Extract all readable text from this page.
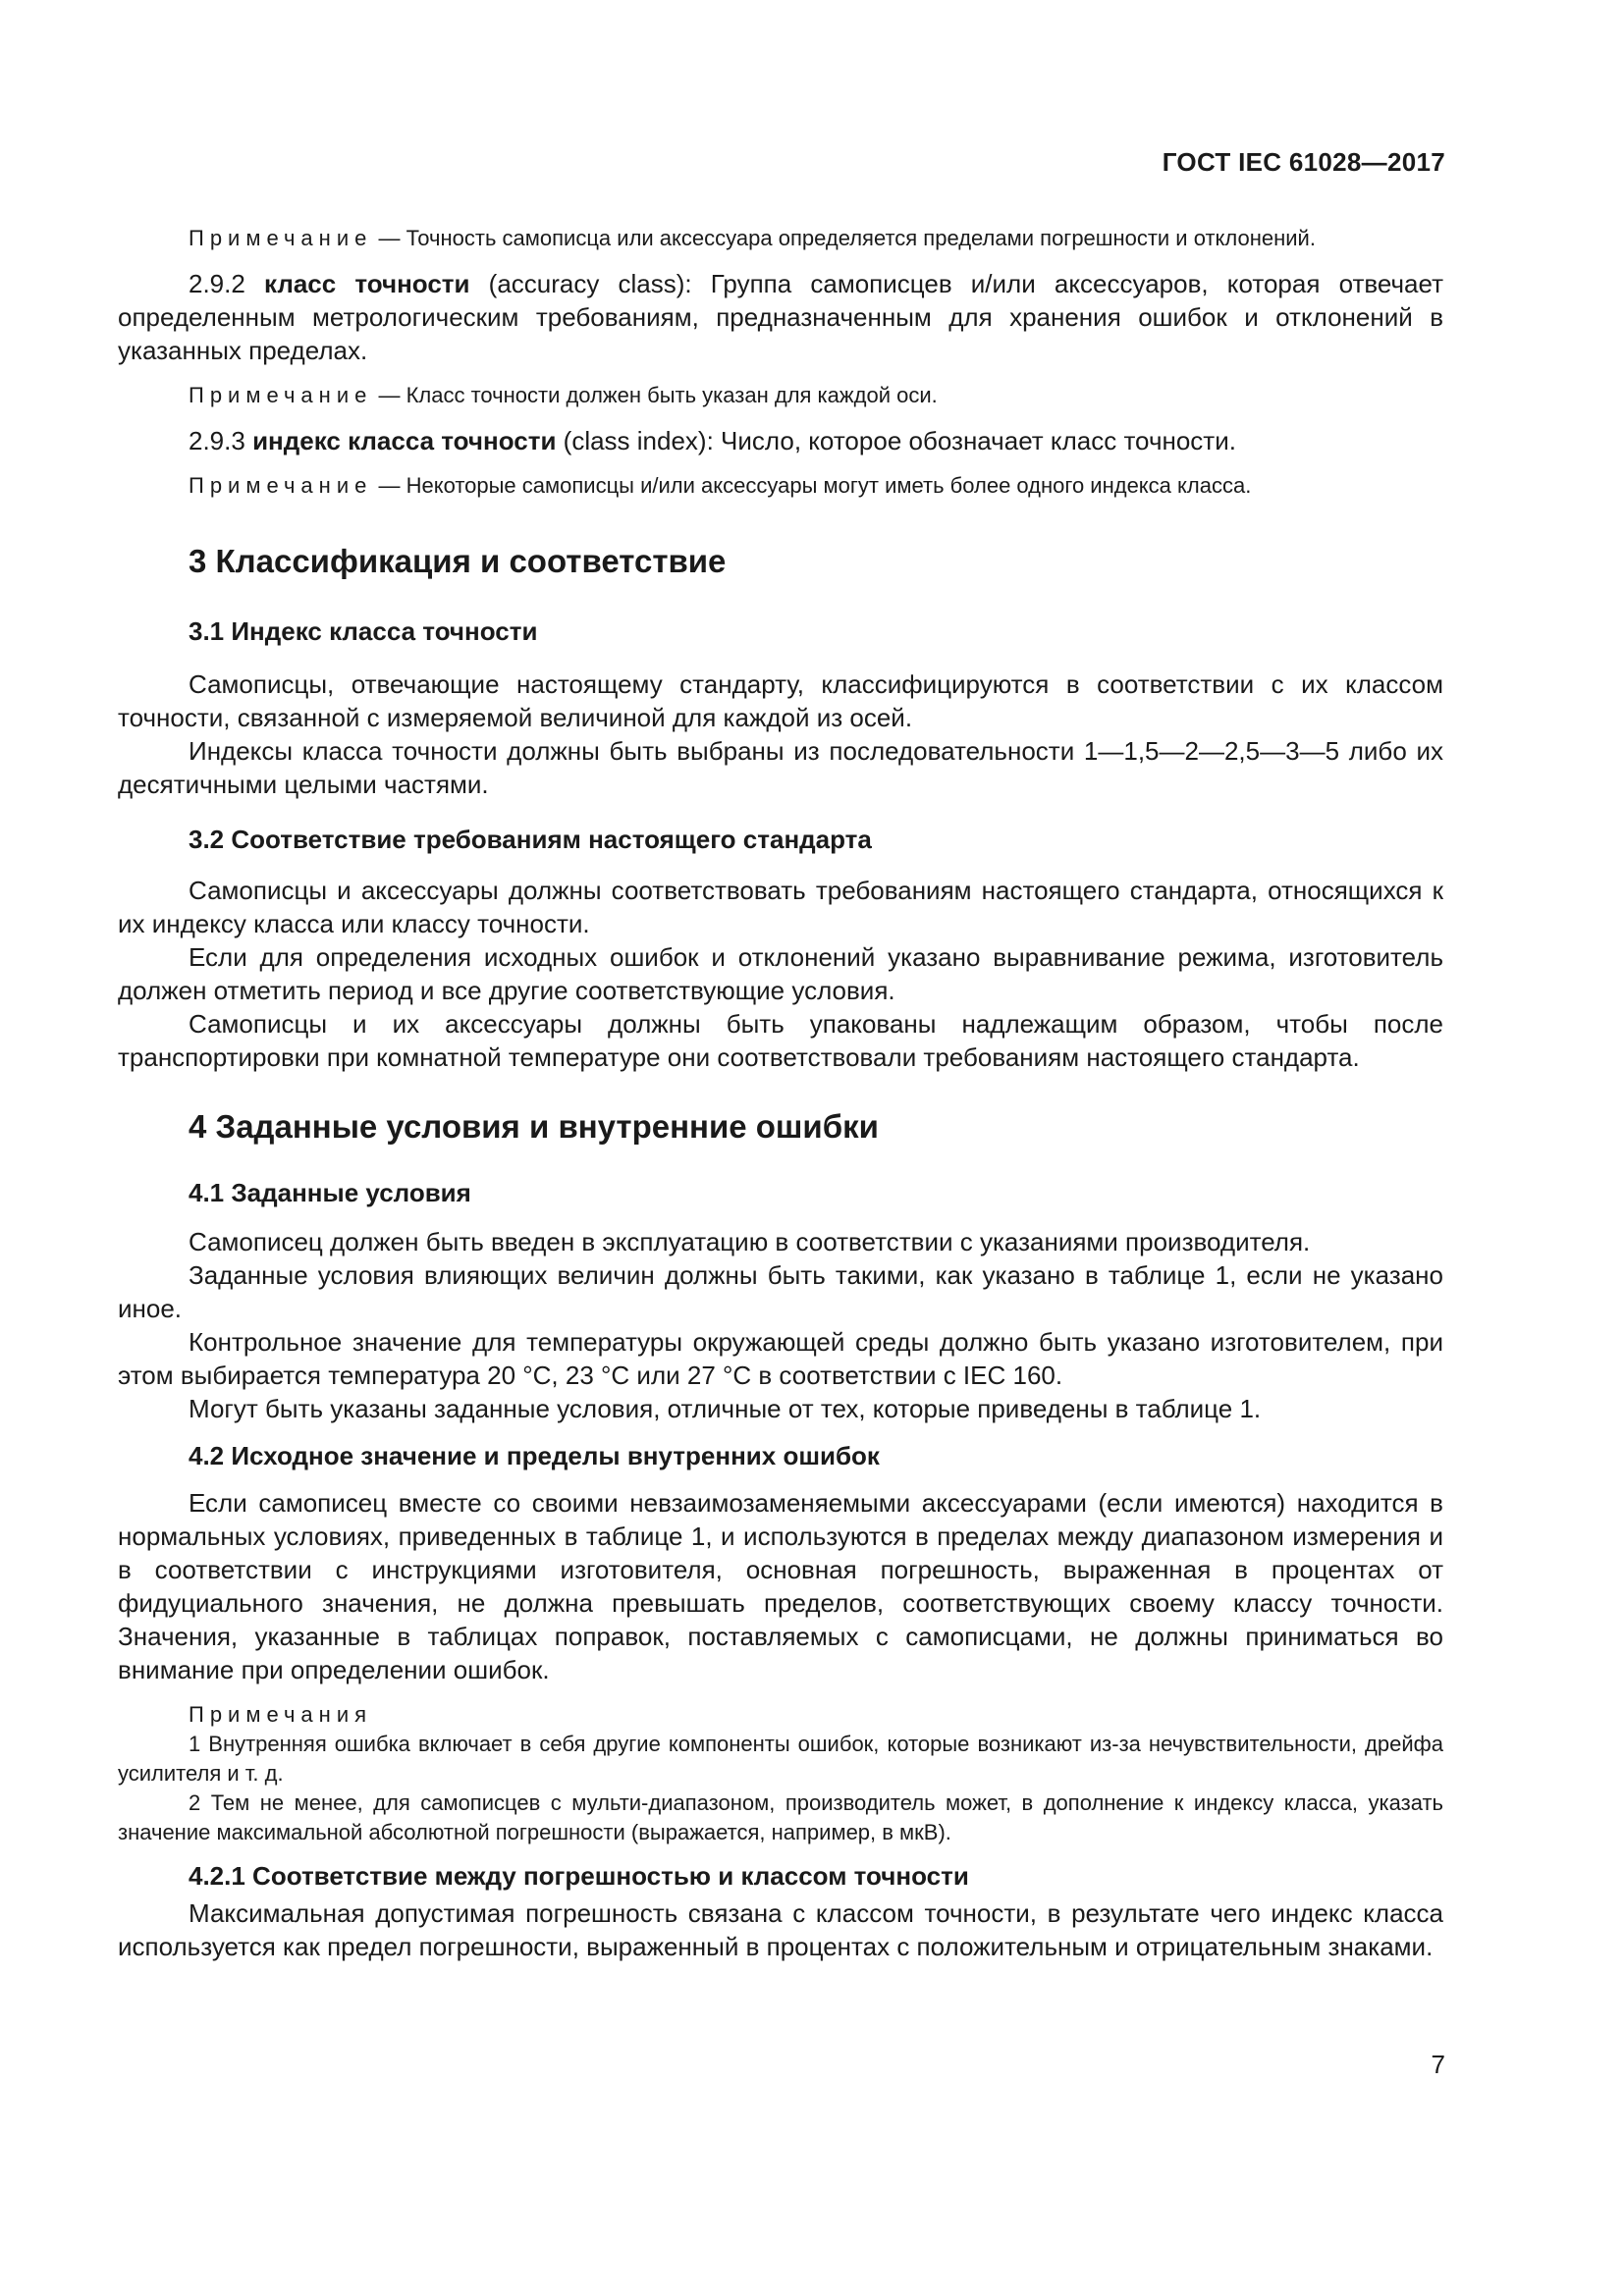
ГОСТ IEC 61028—2017

Примечание — Точность самописца или аксессуара определяется пределами погрешности и отклонений.

2.9.2 класс точности (accuracy class): Группа самописцев и/или аксессуаров, которая отвечает определенным метрологическим требованиям, предназначенным для хранения ошибок и отклонений в указанных пределах.

Примечание — Класс точности должен быть указан для каждой оси.

2.9.3 индекс класса точности (class index): Число, которое обозначает класс точности.

Примечание — Некоторые самописцы и/или аксессуары могут иметь более одного индекса класса.

3 Классификация и соответствие
3.1 Индекс класса точности

Самописцы, отвечающие настоящему стандарту, классифицируются в соответствии с их классом точности, связанной с измеряемой величиной для каждой из осей.

Индексы класса точности должны быть выбраны из последовательности 1—1,5—2—2,5—3—5 либо их десятичными целыми частями.

3.2 Соответствие требованиям настоящего стандарта

Самописцы и аксессуары должны соответствовать требованиям настоящего стандарта, относящихся к их индексу класса или классу точности.

Если для определения исходных ошибок и отклонений указано выравнивание режима, изготовитель должен отметить период и все другие соответствующие условия.

Самописцы и их аксессуары должны быть упакованы надлежащим образом, чтобы после транспортировки при комнатной температуре они соответствовали требованиям настоящего стандарта.

4 Заданные условия и внутренние ошибки
4.1 Заданные условия

Самописец должен быть введен в эксплуатацию в соответствии с указаниями производителя.

Заданные условия влияющих величин должны быть такими, как указано в таблице 1, если не указано иное.

Контрольное значение для температуры окружающей среды должно быть указано изготовителем, при этом выбирается температура 20 °C, 23 °C или 27 °C в соответствии с IEC 160.

Могут быть указаны заданные условия, отличные от тех, которые приведены в таблице 1.

4.2 Исходное значение и пределы внутренних ошибок

Если самописец вместе со своими невзаимозаменяемыми аксессуарами (если имеются) находится в нормальных условиях, приведенных в таблице 1, и используются в пределах между диапазоном измерения и в соответствии с инструкциями изготовителя, основная погрешность, выраженная в процентах от фидуциального значения, не должна превышать пределов, соответствующих своему классу точности. Значения, указанные в таблицах поправок, поставляемых с самописцами, не должны приниматься во внимание при определении ошибок.

Примечания

1 Внутренняя ошибка включает в себя другие компоненты ошибок, которые возникают из-за нечувствительности, дрейфа усилителя и т. д.

2 Тем не менее, для самописцев с мульти-диапазоном, производитель может, в дополнение к индексу класса, указать значение максимальной абсолютной погрешности (выражается, например, в мкВ).

4.2.1 Соответствие между погрешностью и классом точности

Максимальная допустимая погрешность связана с классом точности, в результате чего индекс класса используется как предел погрешности, выраженный в процентах с положительным и отрицательным знаками.

7
